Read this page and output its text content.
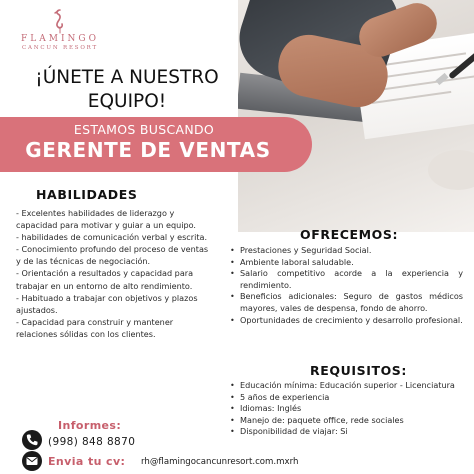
FLAMINGO
CANCUN RESORT
¡ÚNETE A NUESTRO EQUIPO!
ESTAMOS BUSCANDO
GERENTE DE VENTAS
HABILIDADES
- Excelentes habilidades de liderazgo y capacidad para motivar y guiar a un equipo.
- habilidades de comunicación verbal y escrita.
- Conocimiento profundo del proceso de ventas y de las técnicas de negociación.
- Orientación a resultados y capacidad para trabajar en un entorno de alto rendimiento.
- Habituado a trabajar con objetivos y plazos ajustados.
- Capacidad para construir y mantener relaciones sólidas con los clientes.
OFRECEMOS:
• Prestaciones y Seguridad Social.
• Ambiente laboral saludable.
• Salario competitivo acorde a la experiencia y rendimiento.
• Beneficios adicionales: Seguro de gastos médicos mayores, vales de despensa, fondo de ahorro.
• Oportunidades de crecimiento y desarrollo profesional.
REQUISITOS:
• Educación mínima: Educación superior - Licenciatura
• 5 años de experiencia
• Idiomas: Inglés
• Manejo de: paquete office, rede sociales
• Disponibilidad de viajar: Si
Informes:
(998) 848 8870
Envia tu cv: rh@flamingocancunresort.com.mxrh
